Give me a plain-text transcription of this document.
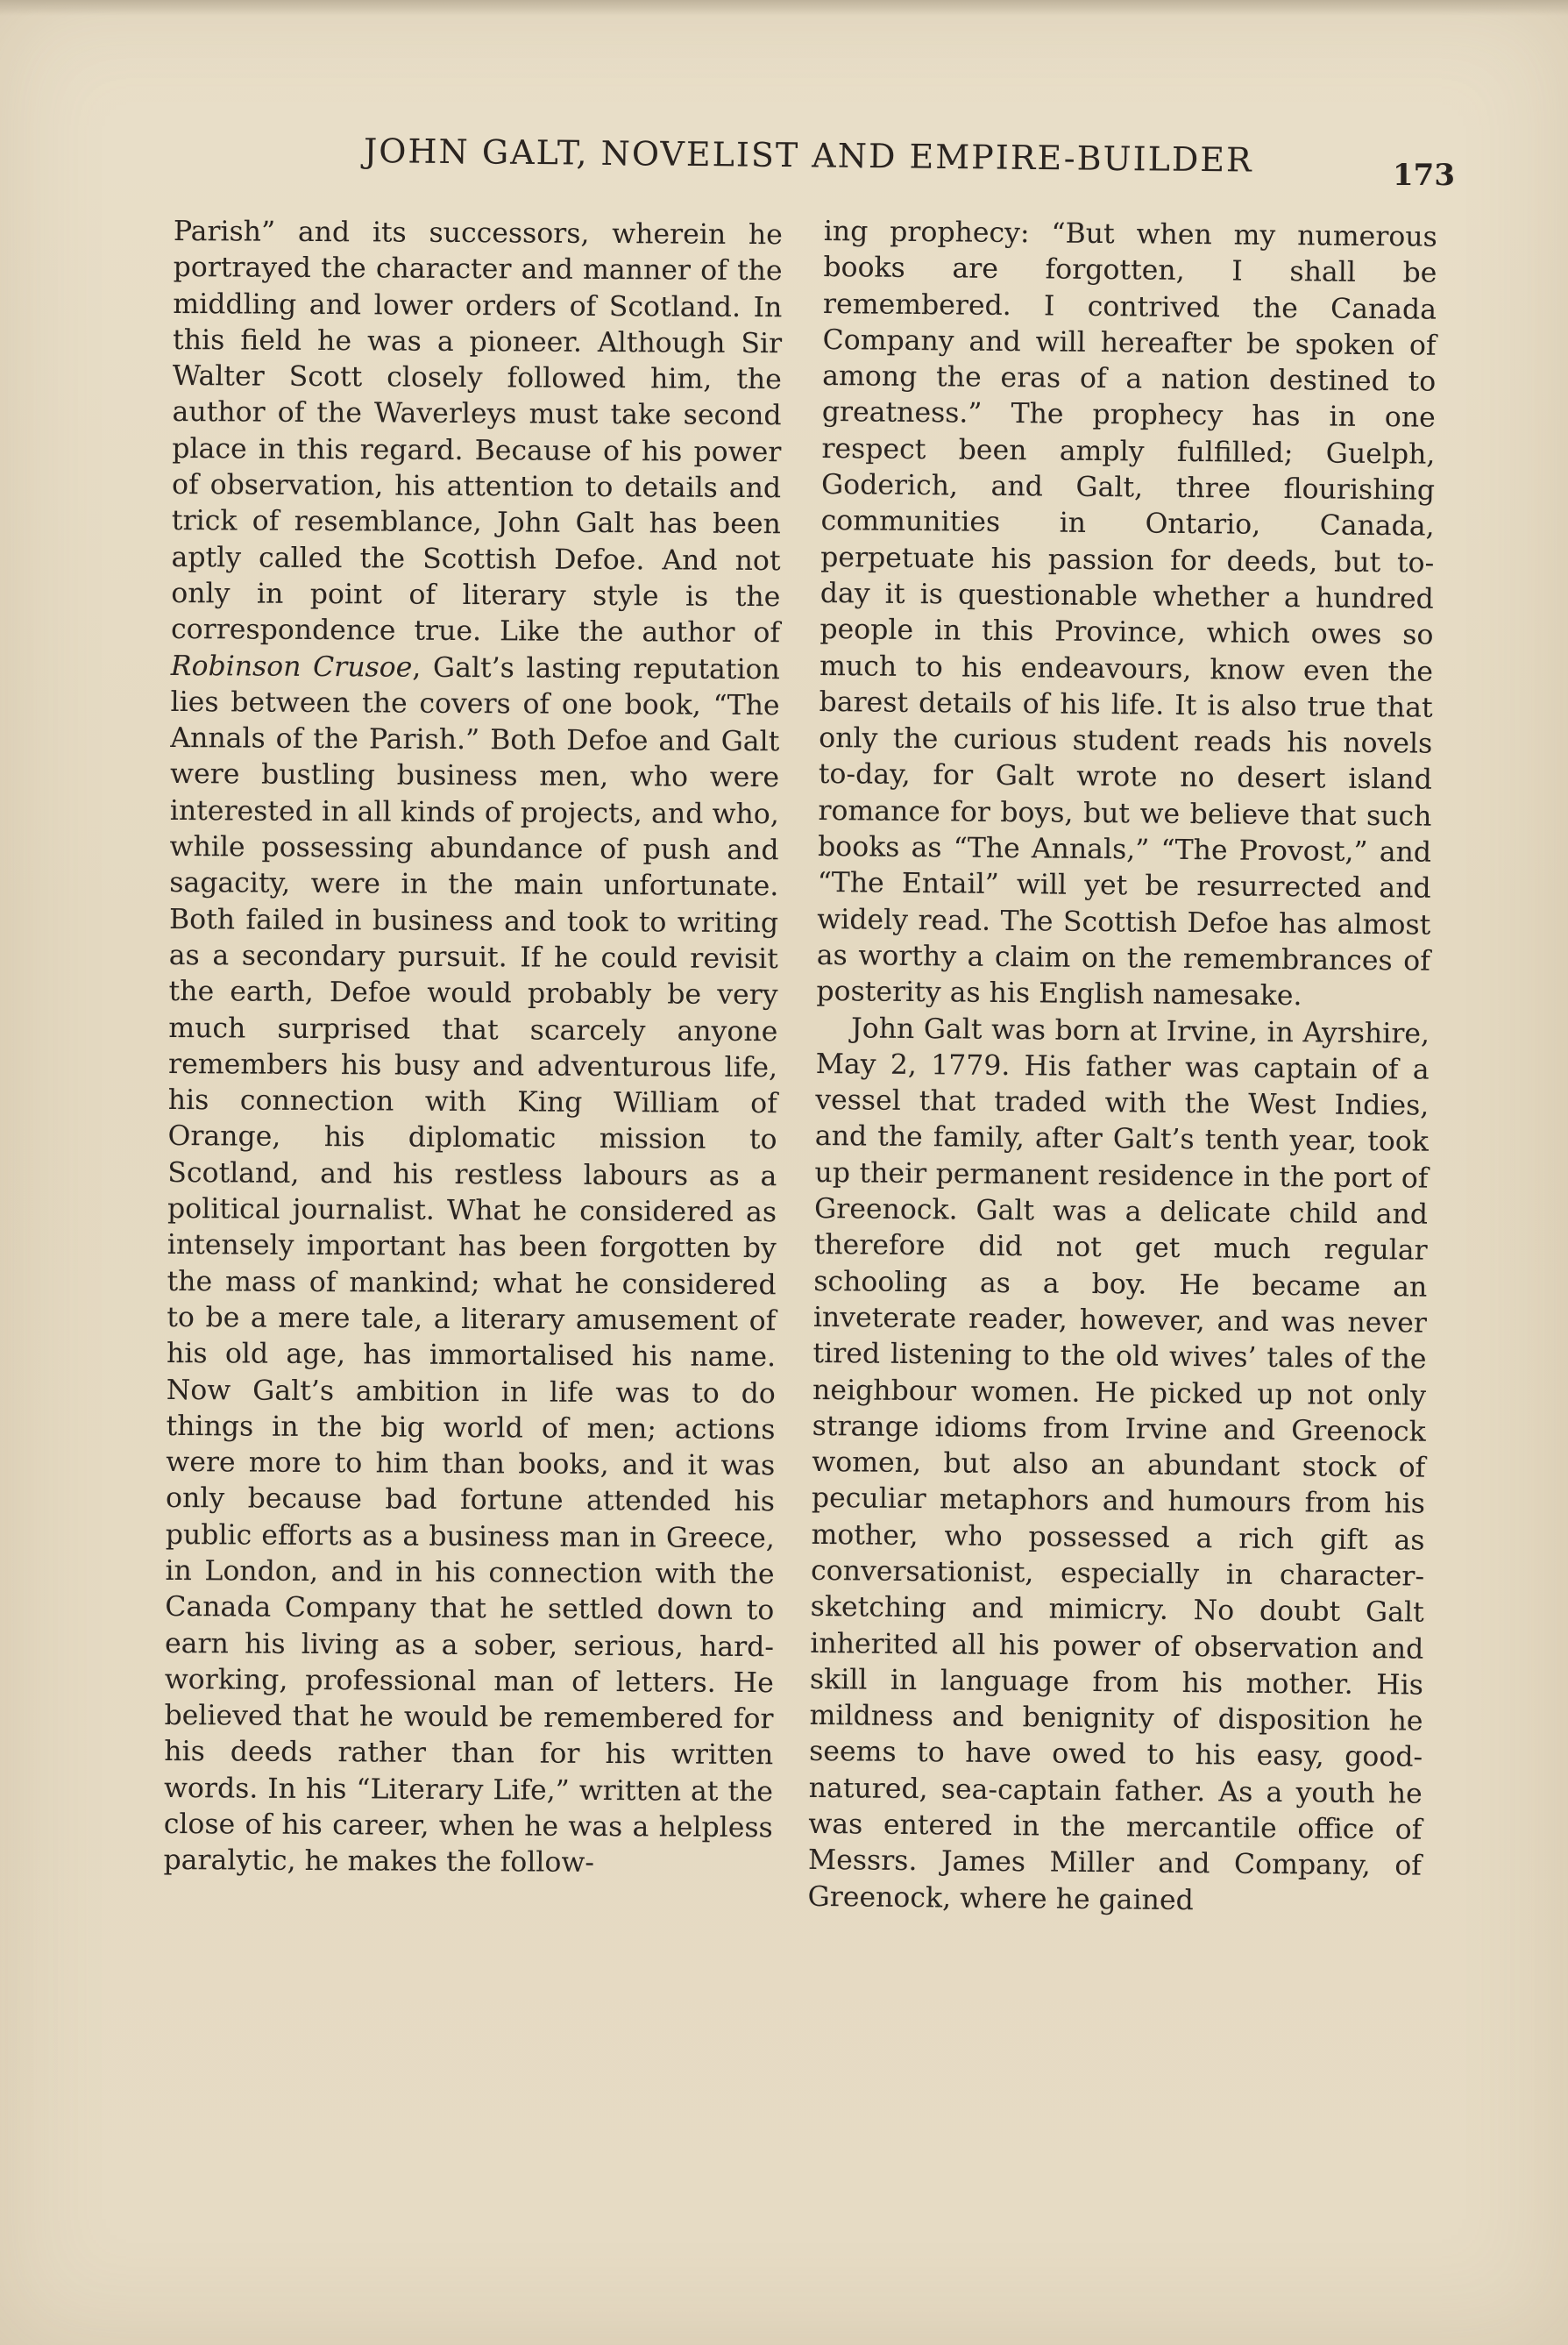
JOHN GALT, NOVELIST AND EMPIRE-BUILDER	173

Parish” and its successors, wherein he portrayed the character and manner of the middling and lower orders of Scotland. In this field he was a pioneer. Although Sir Walter Scott closely followed him, the author of the Waverleys must take second place in this regard. Because of his power of observation, his attention to details and trick of resemblance, John Galt has been aptly called the Scottish Defoe. And not only in point of literary style is the correspondence true. Like the author of Robinson Crusoe, Galt’s lasting reputation lies between the covers of one book, “The Annals of the Parish.” Both Defoe and Galt were bustling business men, who were interested in all kinds of projects, and who, while possessing abundance of push and sagacity, were in the main unfortunate. Both failed in business and took to writing as a secondary pursuit. If he could revisit the earth, Defoe would probably be very much surprised that scarcely anyone remembers his busy and adventurous life, his connection with King William of Orange, his diplomatic mission to Scotland, and his restless labours as a political journalist. What he considered as intensely important has been forgotten by the mass of mankind; what he considered to be a mere tale, a literary amusement of his old age, has immortalised his name. Now Galt’s ambition in life was to do things in the big world of men; actions were more to him than books, and it was only because bad fortune attended his public efforts as a business man in Greece, in London, and in his connection with the Canada Company that he settled down to earn his living as a sober, serious, hard-working, professional man of letters. He believed that he would be remembered for his deeds rather than for his written words. In his “Literary Life,” written at the close of his career, when he was a helpless paralytic, he makes the follow-

ing prophecy: “But when my numerous books are forgotten, I shall be remembered. I contrived the Canada Company and will hereafter be spoken of among the eras of a nation destined to greatness.” The prophecy has in one respect been amply fulfilled; Guelph, Goderich, and Galt, three flourishing communities in Ontario, Canada, perpetuate his passion for deeds, but to-day it is questionable whether a hundred people in this Province, which owes so much to his endeavours, know even the barest details of his life. It is also true that only the curious student reads his novels to-day, for Galt wrote no desert island romance for boys, but we believe that such books as “The Annals,” “The Provost,” and “The Entail” will yet be resurrected and widely read. The Scottish Defoe has almost as worthy a claim on the remembrances of posterity as his English namesake.

John Galt was born at Irvine, in Ayrshire, May 2, 1779. His father was captain of a vessel that traded with the West Indies, and the family, after Galt’s tenth year, took up their permanent residence in the port of Greenock. Galt was a delicate child and therefore did not get much regular schooling as a boy. He became an inveterate reader, however, and was never tired listening to the old wives’ tales of the neighbour women. He picked up not only strange idioms from Irvine and Greenock women, but also an abundant stock of peculiar metaphors and humours from his mother, who possessed a rich gift as conversationist, especially in character-sketching and mimicry. No doubt Galt inherited all his power of observation and skill in language from his mother. His mildness and benignity of disposition he seems to have owed to his easy, good-natured, sea-captain father. As a youth he was entered in the mercantile office of Messrs. James Miller and Company, of Greenock, where he gained
